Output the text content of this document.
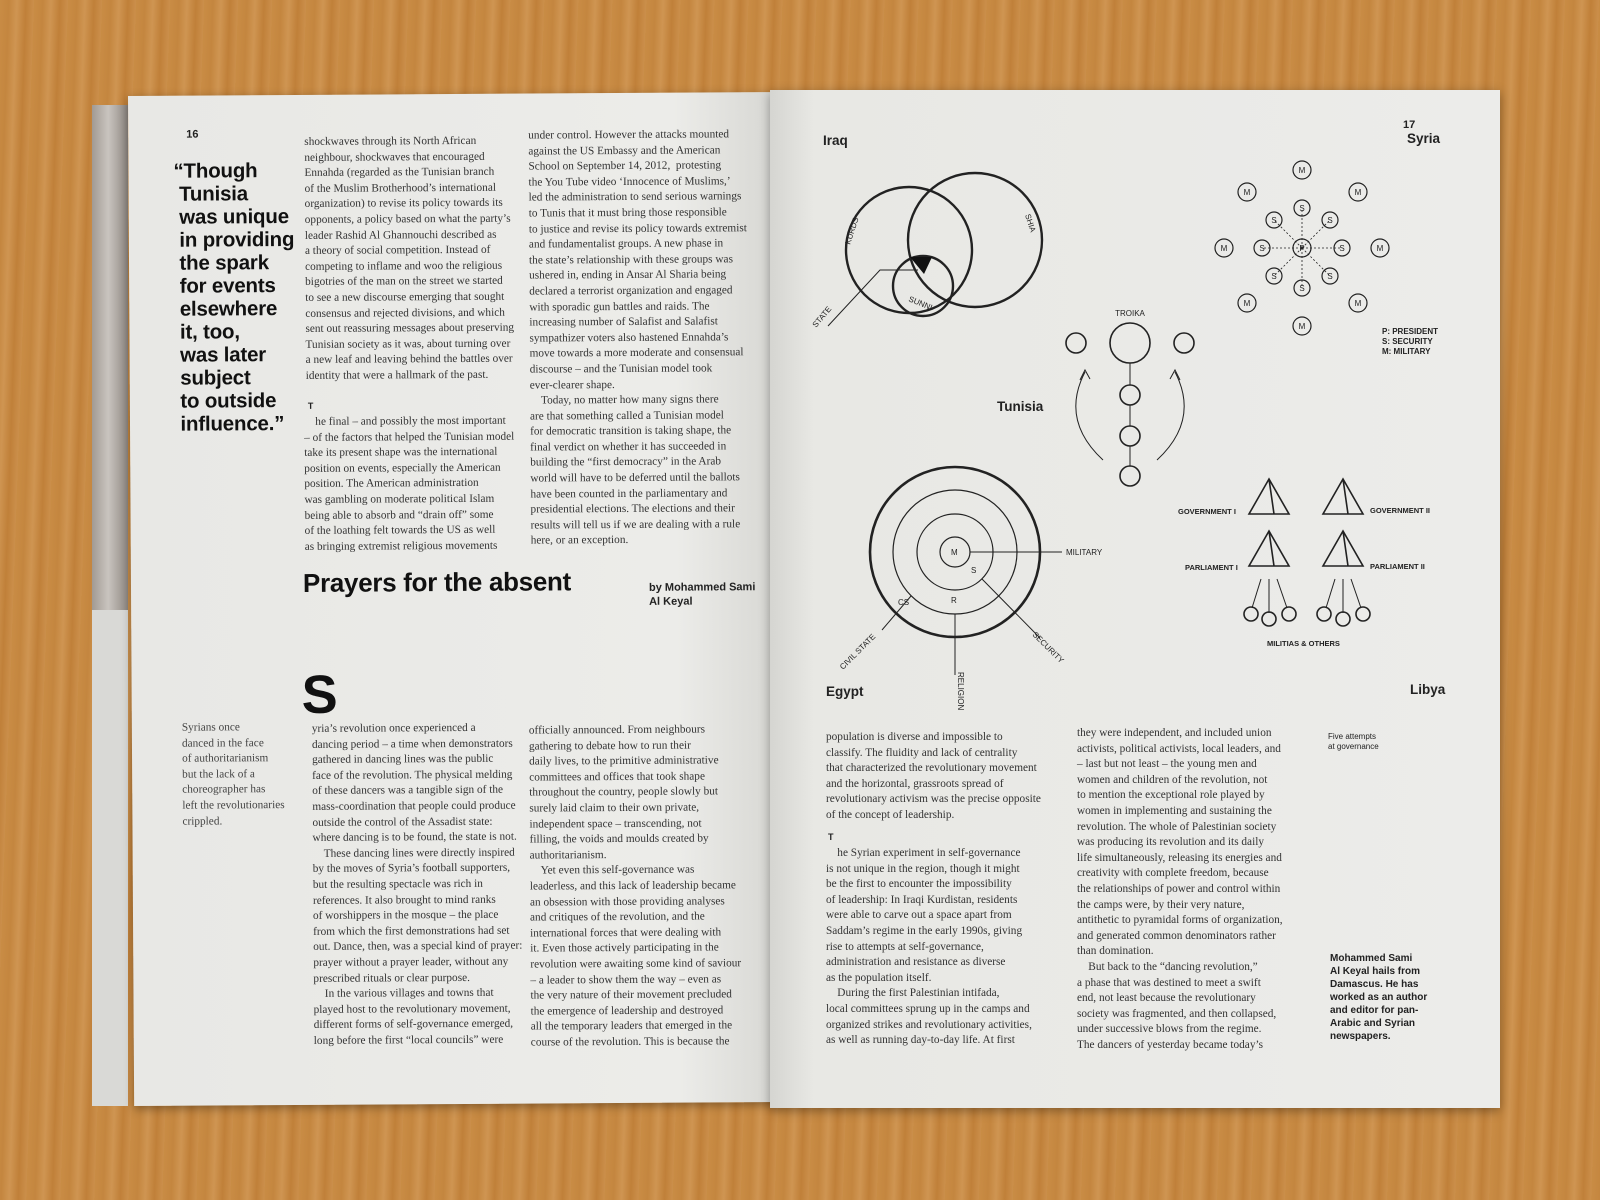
16
“Though
Tunisia
was unique
in providing
the spark
for events
elsewhere
it, too,
was later
subject
to outside
influence.”
shockwaves through its North African
neighbour, shockwaves that encouraged
Ennahda (regarded as the Tunisian branch
of the Muslim Brotherhood’s international
organization) to revise its policy towards its
opponents, a policy based on what the party’s
leader Rashid Al Ghannouchi described as
a theory of social competition. Instead of
competing to inflame and woo the religious
bigotries of the man on the street we started
to see a new discourse emerging that sought
consensus and rejected divisions, and which
sent out reassuring messages about preserving
Tunisian society as it was, about turning over
a new leaf and leaving behind the battles over
identity that were a hallmark of the past.
T
he final – and possibly the most important
– of the factors that helped the Tunisian model
take its present shape was the international
position on events, especially the American
position. The American administration
was gambling on moderate political Islam
being able to absorb and “drain off” some
of the loathing felt towards the US as well
as bringing extremist religious movements
under control. However the attacks mounted
against the US Embassy and the American
School on September 14, 2012,  protesting
the You Tube video ‘Innocence of Muslims,’
led the administration to send serious warnings
to Tunis that it must bring those responsible
to justice and revise its policy towards extremist
and fundamentalist groups. A new phase in
the state’s relationship with these groups was
ushered in, ending in Ansar Al Sharia being
declared a terrorist organization and engaged
with sporadic gun battles and raids. The
increasing number of Salafist and Salafist
sympathizer voters also hastened Ennahda’s
move towards a more moderate and consensual
discourse – and the Tunisian model took
ever-clearer shape.
Today, no matter how many signs there
are that something called a Tunisian model
for democratic transition is taking shape, the
final verdict on whether it has succeeded in
building the “first democracy” in the Arab
world will have to be deferred until the ballots
have been counted in the parliamentary and
presidential elections. The elections and their
results will tell us if we are dealing with a rule
here, or an exception.
Prayers for the absent	by Mohammed Sami
Al Keyal
S
Syrians once
danced in the face
of authoritarianism
but the lack of a
choreographer has
left the revolutionaries
crippled.
yria’s revolution once experienced a
dancing period – a time when demonstrators
gathered in dancing lines was the public
face of the revolution. The physical melding
of these dancers was a tangible sign of the
mass-coordination that people could produce
outside the control of the Assadist state:
where dancing is to be found, the state is not.
These dancing lines were directly inspired
by the moves of Syria’s football supporters,
but the resulting spectacle was rich in
references. It also brought to mind ranks
of worshippers in the mosque – the place
from which the first demonstrations had set
out. Dance, then, was a special kind of prayer:
prayer without a prayer leader, without any
prescribed rituals or clear purpose.
In the various villages and towns that
played host to the revolutionary movement,
different forms of self-governance emerged,
long before the first “local councils” were
officially announced. From neighbours
gathering to debate how to run their
daily lives, to the primitive administrative
committees and offices that took shape
throughout the country, people slowly but
surely laid claim to their own private,
independent space – transcending, not
filling, the voids and moulds created by
authoritarianism.
Yet even this self-governance was
leaderless, and this lack of leadership became
an obsession with those providing analyses
and critiques of the revolution, and the
international forces that were dealing with
it. Even those actively participating in the
revolution were awaiting some kind of saviour
– a leader to show them the way – even as
the very nature of their movement precluded
the emergence of leadership and destroyed
all the temporary leaders that emerged in the
course of the revolution. This is because the
17
Iraq	Syria
Tunisia
Egypt	Libya
KURDS	SHIA
SUNNI
STATE
P
S
S
S	S
S	S
S	S
M
M
M	M
M	M
M	M
TROIKA
M
S
R
CS
MILITARY
SECURITY
RELIGION
CIVIL STATE
GOVERNMENT I	GOVERNMENT II
PARLIAMENT I	PARLIAMENT II
MILITIAS & OTHERS
P: PRESIDENT
S: SECURITY
M: MILITARY
population is diverse and impossible to
classify. The fluidity and lack of centrality
that characterized the revolutionary movement
and the horizontal, grassroots spread of
revolutionary activism was the precise opposite
of the concept of leadership.
T
he Syrian experiment in self-governance
is not unique in the region, though it might
be the first to encounter the impossibility
of leadership: In Iraqi Kurdistan, residents
were able to carve out a space apart from
Saddam’s regime in the early 1990s, giving
rise to attempts at self-governance,
administration and resistance as diverse
as the population itself.
During the first Palestinian intifada,
local committees sprung up in the camps and
organized strikes and revolutionary activities,
as well as running day-to-day life. At first
they were independent, and included union
activists, political activists, local leaders, and
– last but not least – the young men and
women and children of the revolution, not
to mention the exceptional role played by
women in implementing and sustaining the
revolution. The whole of Palestinian society
was producing its revolution and its daily
life simultaneously, releasing its energies and
creativity with complete freedom, because
the relationships of power and control within
the camps were, by their very nature,
antithetic to pyramidal forms of organization,
and generated common denominators rather
than domination.
But back to the “dancing revolution,”
a phase that was destined to meet a swift
end, not least because the revolutionary
society was fragmented, and then collapsed,
under successive blows from the regime.
The dancers of yesterday became today’s
Five attempts
at governance
Mohammed Sami
Al Keyal hails from
Damascus. He has
worked as an author
and editor for pan-
Arabic and Syrian
newspapers.
